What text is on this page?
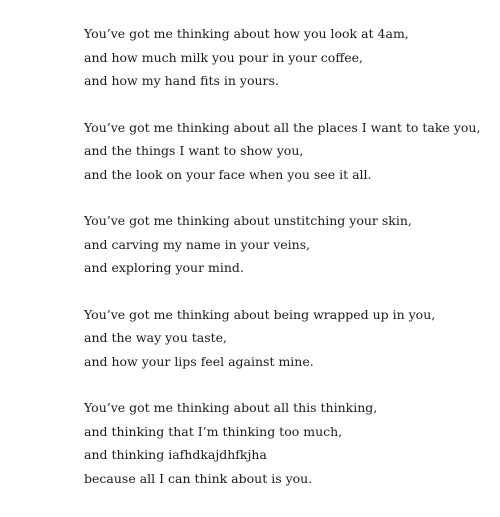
You’ve got me thinking about how you look at 4am,
and how much milk you pour in your coffee,
and how my hand fits in yours.
You’ve got me thinking about all the places I want to take you,
and the things I want to show you,
and the look on your face when you see it all.
You’ve got me thinking about unstitching your skin,
and carving my name in your veins,
and exploring your mind.
You’ve got me thinking about being wrapped up in you,
and the way you taste,
and how your lips feel against mine.
You’ve got me thinking about all this thinking,
and thinking that I’m thinking too much,
and thinking iafhdkajdhfkjha
because all I can think about is you.
